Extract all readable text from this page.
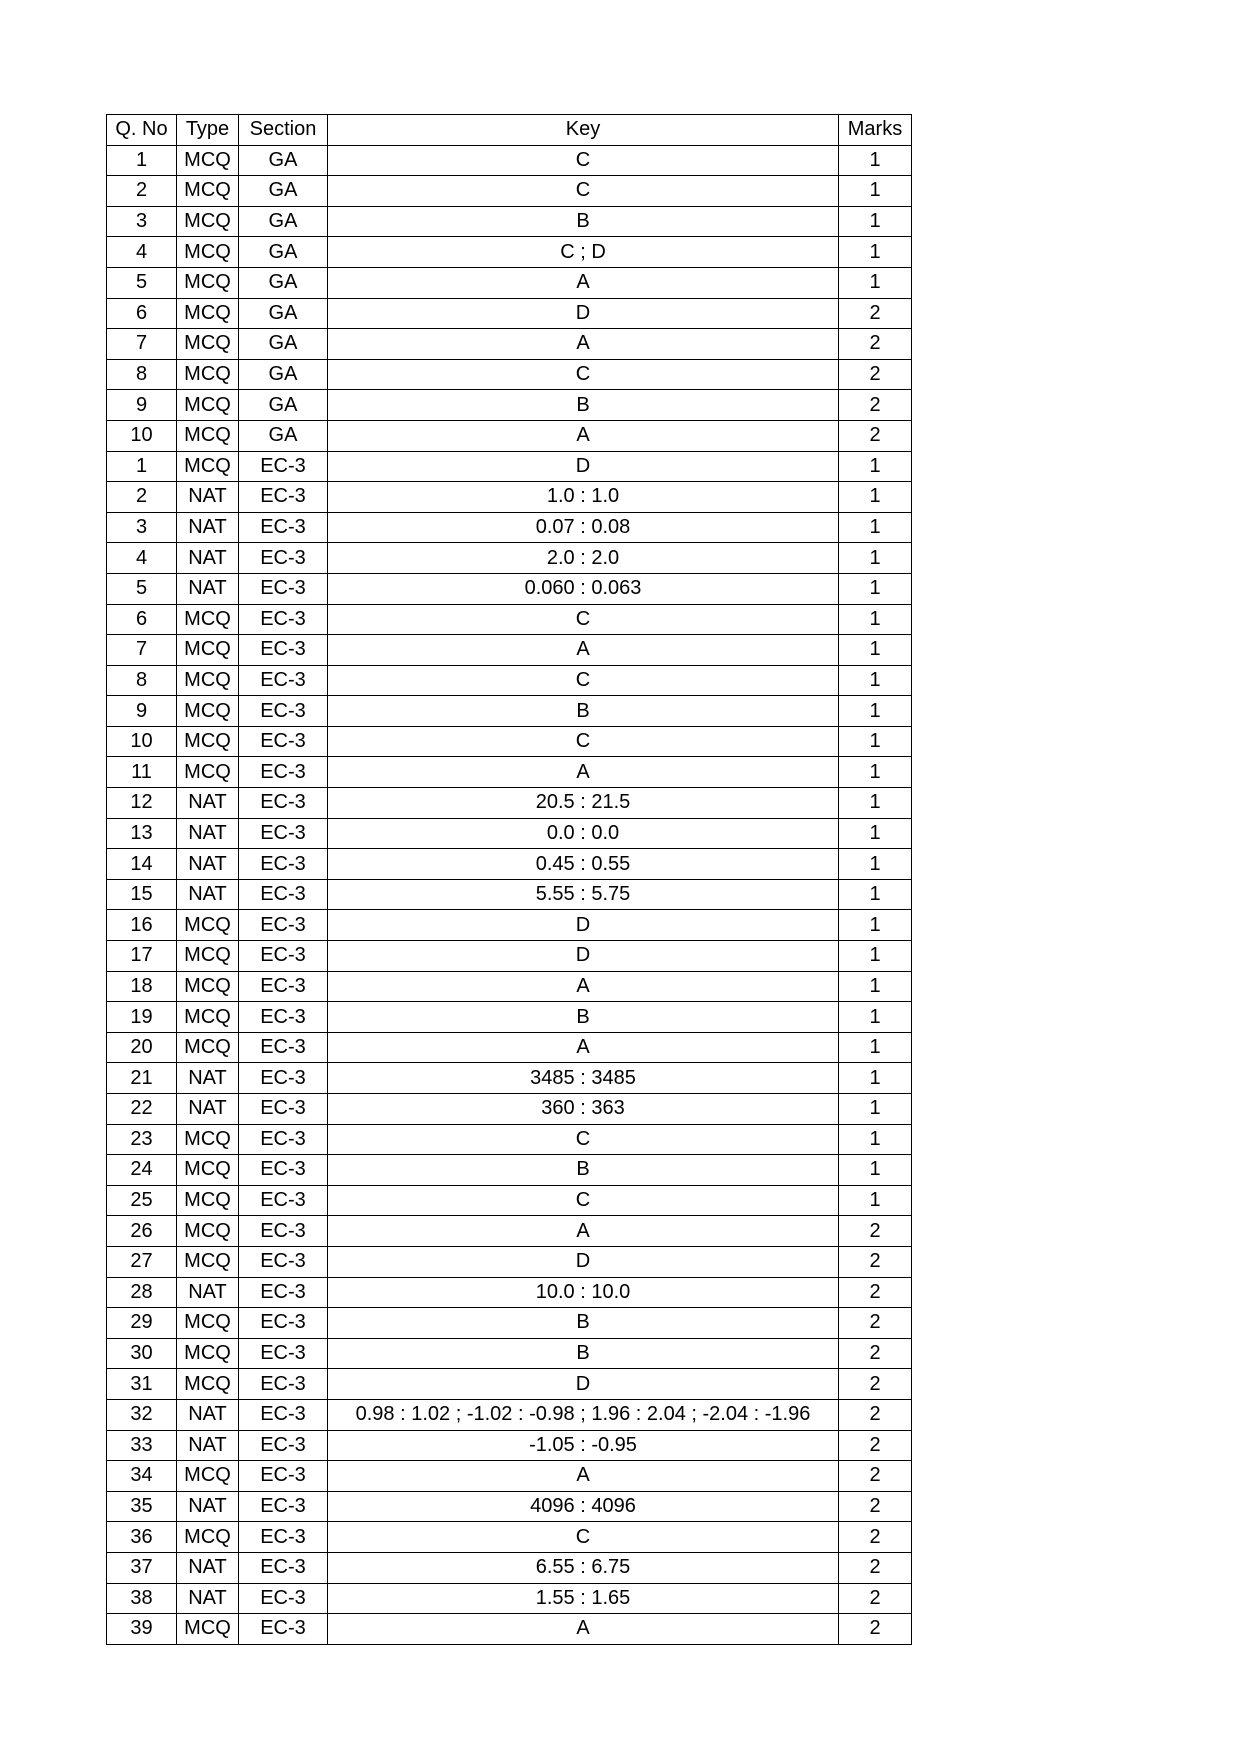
Q. No	Type	Section	Key	Marks
1	MCQ	GA	C	1
2	MCQ	GA	C	1
3	MCQ	GA	B	1
4	MCQ	GA	C ; D	1
5	MCQ	GA	A	1
6	MCQ	GA	D	2
7	MCQ	GA	A	2
8	MCQ	GA	C	2
9	MCQ	GA	B	2
10	MCQ	GA	A	2
1	MCQ	EC-3	D	1
2	NAT	EC-3	1.0 : 1.0	1
3	NAT	EC-3	0.07 : 0.08	1
4	NAT	EC-3	2.0 : 2.0	1
5	NAT	EC-3	0.060 : 0.063	1
6	MCQ	EC-3	C	1
7	MCQ	EC-3	A	1
8	MCQ	EC-3	C	1
9	MCQ	EC-3	B	1
10	MCQ	EC-3	C	1
11	MCQ	EC-3	A	1
12	NAT	EC-3	20.5 : 21.5	1
13	NAT	EC-3	0.0 : 0.0	1
14	NAT	EC-3	0.45 : 0.55	1
15	NAT	EC-3	5.55 : 5.75	1
16	MCQ	EC-3	D	1
17	MCQ	EC-3	D	1
18	MCQ	EC-3	A	1
19	MCQ	EC-3	B	1
20	MCQ	EC-3	A	1
21	NAT	EC-3	3485 : 3485	1
22	NAT	EC-3	360 : 363	1
23	MCQ	EC-3	C	1
24	MCQ	EC-3	B	1
25	MCQ	EC-3	C	1
26	MCQ	EC-3	A	2
27	MCQ	EC-3	D	2
28	NAT	EC-3	10.0 : 10.0	2
29	MCQ	EC-3	B	2
30	MCQ	EC-3	B	2
31	MCQ	EC-3	D	2
32	NAT	EC-3	0.98 : 1.02 ; -1.02 : -0.98 ; 1.96 : 2.04 ; -2.04 : -1.96	2
33	NAT	EC-3	-1.05 : -0.95	2
34	MCQ	EC-3	A	2
35	NAT	EC-3	4096 : 4096	2
36	MCQ	EC-3	C	2
37	NAT	EC-3	6.55 : 6.75	2
38	NAT	EC-3	1.55 : 1.65	2
39	MCQ	EC-3	A	2
